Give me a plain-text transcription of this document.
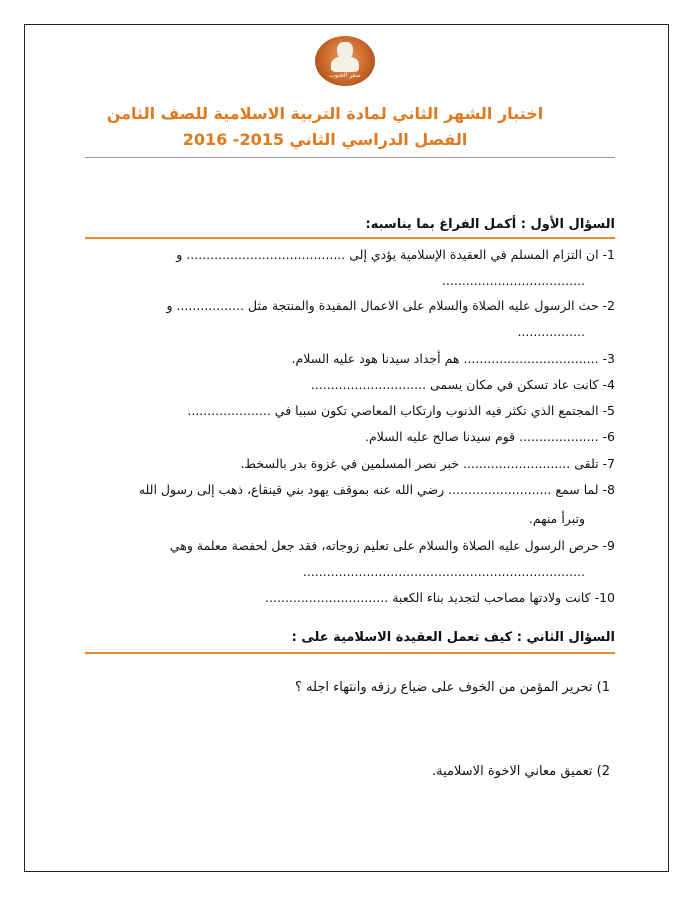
صقر الجنوب
اختبار الشهر الثاني لمادة التربية الاسلامية للصف الثامن
الفصل الدراسي الثاني 2015- 2016
السؤال الأول : أكمل الفراغ بما يناسبه:
1- ان التزام المسلم في العقيدة الإسلامية يؤدي إلى ........................................ و
....................................
2- حث الرسول عليه الصلاة والسلام على الاعمال المفيدة والمنتجة مثل ................. و
.................
3- .................................. هم أجداد سيدنا هود عليه السلام.
4- كانت عاد تسكن في مكان يسمى .............................
5- المجتمع الذي تكثر فيه الذنوب وارتكاب المعاصي تكون سببا في .....................
6- .................... قوم سيدنا صالح عليه السلام.
7- تلقى ........................... خبر نصر المسلمين في غزوة بدر بالسخط.
8- لما سمع .......................... رضي الله عنه بموقف يهود بني قينقاع، ذهب إلى رسول الله
وتبرأ منهم.
9- حرص الرسول عليه الصلاة والسلام على تعليم زوجاته، فقد جعل لحفصة معلمة وهي
.......................................................................
10- كانت ولادتها مصاحب لتجديد بناء الكعبة ...............................
السؤال الثاني : كيف تعمل العقيدة الاسلامية على :
1) تحرير المؤمن من الخوف على ضياع رزقه وانتهاء اجله ؟
2) تعميق معاني الاخوة الاسلامية.
